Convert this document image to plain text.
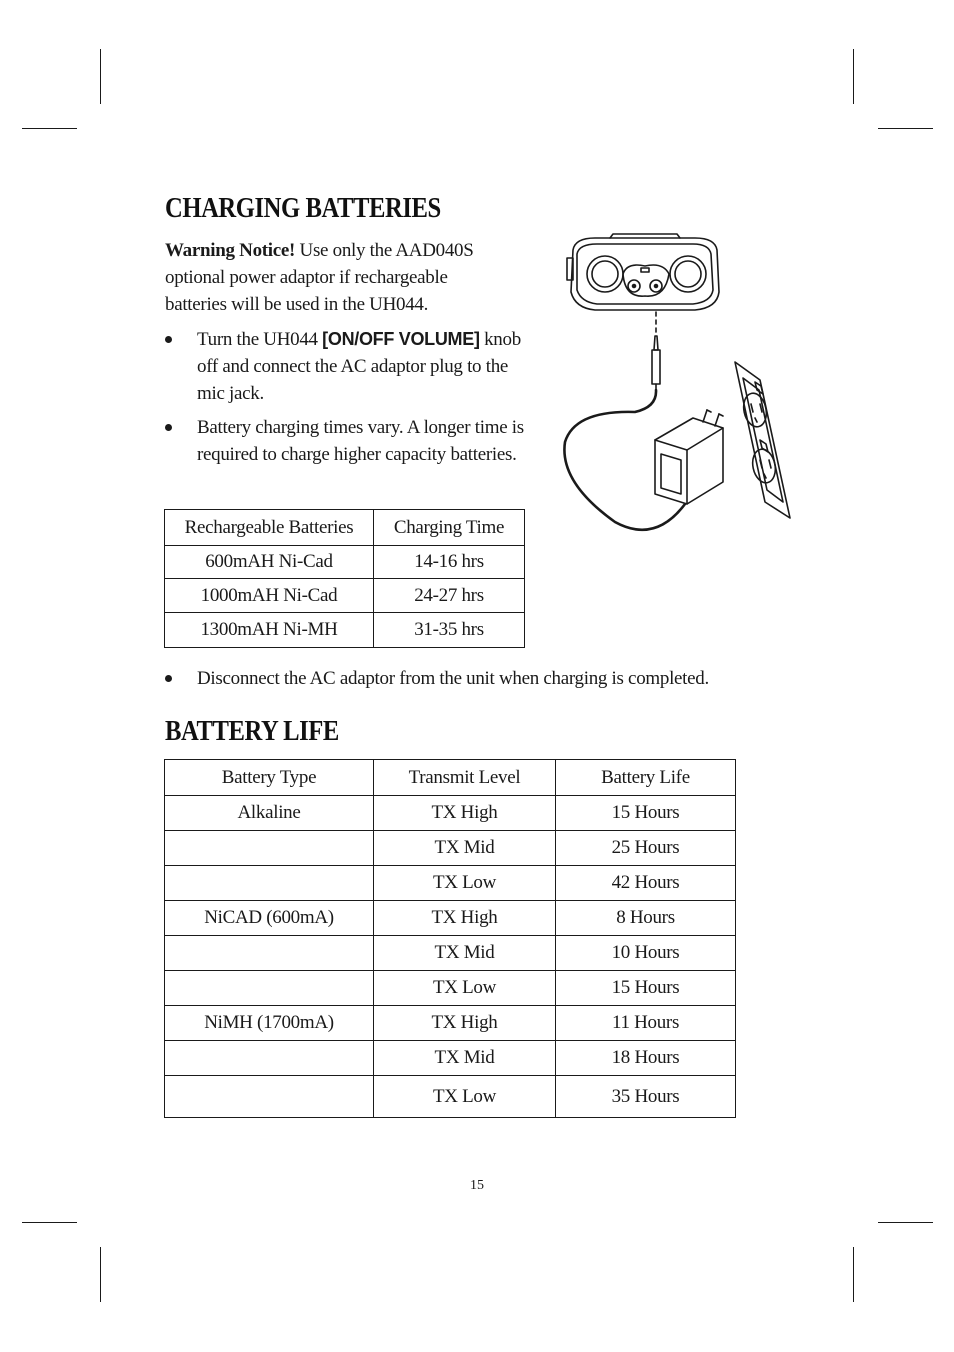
CHARGING BATTERIES

Warning Notice! Use only the AAD040S optional power adaptor if rechargeable batteries will be used in the UH044.

Turn the UH044 [ON/OFF VOLUME] knob off and connect the AC adaptor plug to the mic jack.
Battery charging times vary. A longer time is required to charge higher capacity batteries.
Rechargeable Batteries	Charging Time
600mAH Ni-Cad	14-16 hrs
1000mAH Ni-Cad	24-27 hrs
1300mAH Ni-MH	31-35 hrs
Disconnect the AC adaptor from the unit when charging is completed.
BATTERY LIFE
Battery Type	Transmit Level	Battery Life
Alkaline	TX High	15 Hours
	TX Mid	25 Hours
	TX Low	42 Hours
NiCAD (600mA)	TX High	8 Hours
	TX Mid	10 Hours
	TX Low	15 Hours
NiMH (1700mA)	TX High	11 Hours
	TX Mid	18 Hours
	TX Low	35 Hours
15
